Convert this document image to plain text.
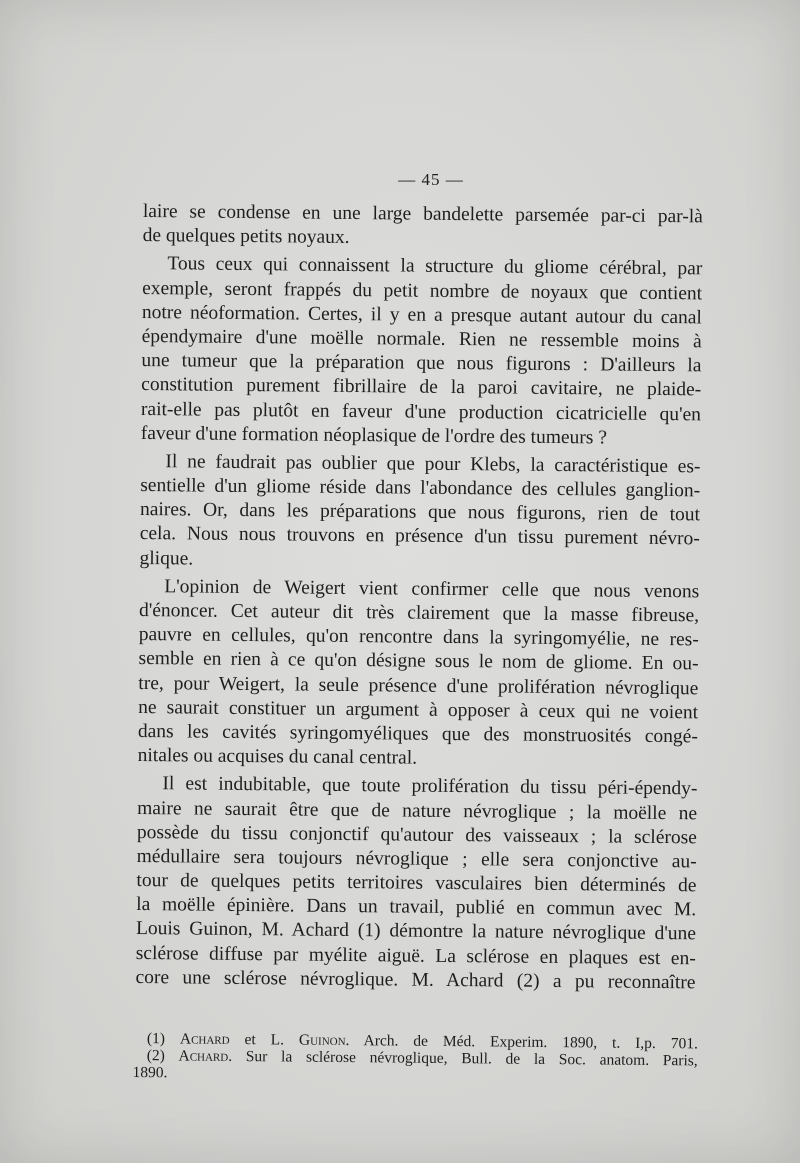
— 45 —
laire se condense en une large bandelette parsemée par-ci par-là
de quelques petits noyaux.
Tous ceux qui connaissent la structure du gliome cérébral, par
exemple, seront frappés du petit nombre de noyaux que contient
notre néoformation. Certes, il y en a presque autant autour du canal
épendymaire d'une moëlle normale. Rien ne ressemble moins à
une tumeur que la préparation que nous figurons : D'ailleurs la
constitution purement fibrillaire de la paroi cavitaire, ne plaide-
rait-elle pas plutôt en faveur d'une production cicatricielle qu'en
faveur d'une formation néoplasique de l'ordre des tumeurs ?
Il ne faudrait pas oublier que pour Klebs, la caractéristique es-
sentielle d'un gliome réside dans l'abondance des cellules ganglion-
naires. Or, dans les préparations que nous figurons, rien de tout
cela. Nous nous trouvons en présence d'un tissu purement névro-
glique.
L'opinion de Weigert vient confirmer celle que nous venons
d'énoncer. Cet auteur dit très clairement que la masse fibreuse,
pauvre en cellules, qu'on rencontre dans la syringomyélie, ne res-
semble en rien à ce qu'on désigne sous le nom de gliome. En ou-
tre, pour Weigert, la seule présence d'une prolifération névroglique
ne saurait constituer un argument à opposer à ceux qui ne voient
dans les cavités syringomyéliques que des monstruosités congé-
nitales ou acquises du canal central.
Il est indubitable, que toute prolifération du tissu péri-épendy-
maire ne saurait être que de nature névroglique ; la moëlle ne
possède du tissu conjonctif qu'autour des vaisseaux ; la sclérose
médullaire sera toujours névroglique ; elle sera conjonctive au-
tour de quelques petits territoires vasculaires bien déterminés de
la moëlle épinière. Dans un travail, publié en commun avec M.
Louis Guinon, M. Achard (1) démontre la nature névroglique d'une
sclérose diffuse par myélite aiguë. La sclérose en plaques est en-
core une sclérose névroglique. M. Achard (2) a pu reconnaître
(1) Achard et L. Guinon. Arch. de Méd. Experim. 1890, t. I,p. 701.
(2) Achard. Sur la sclérose névroglique, Bull. de la Soc. anatom. Paris,
1890.
